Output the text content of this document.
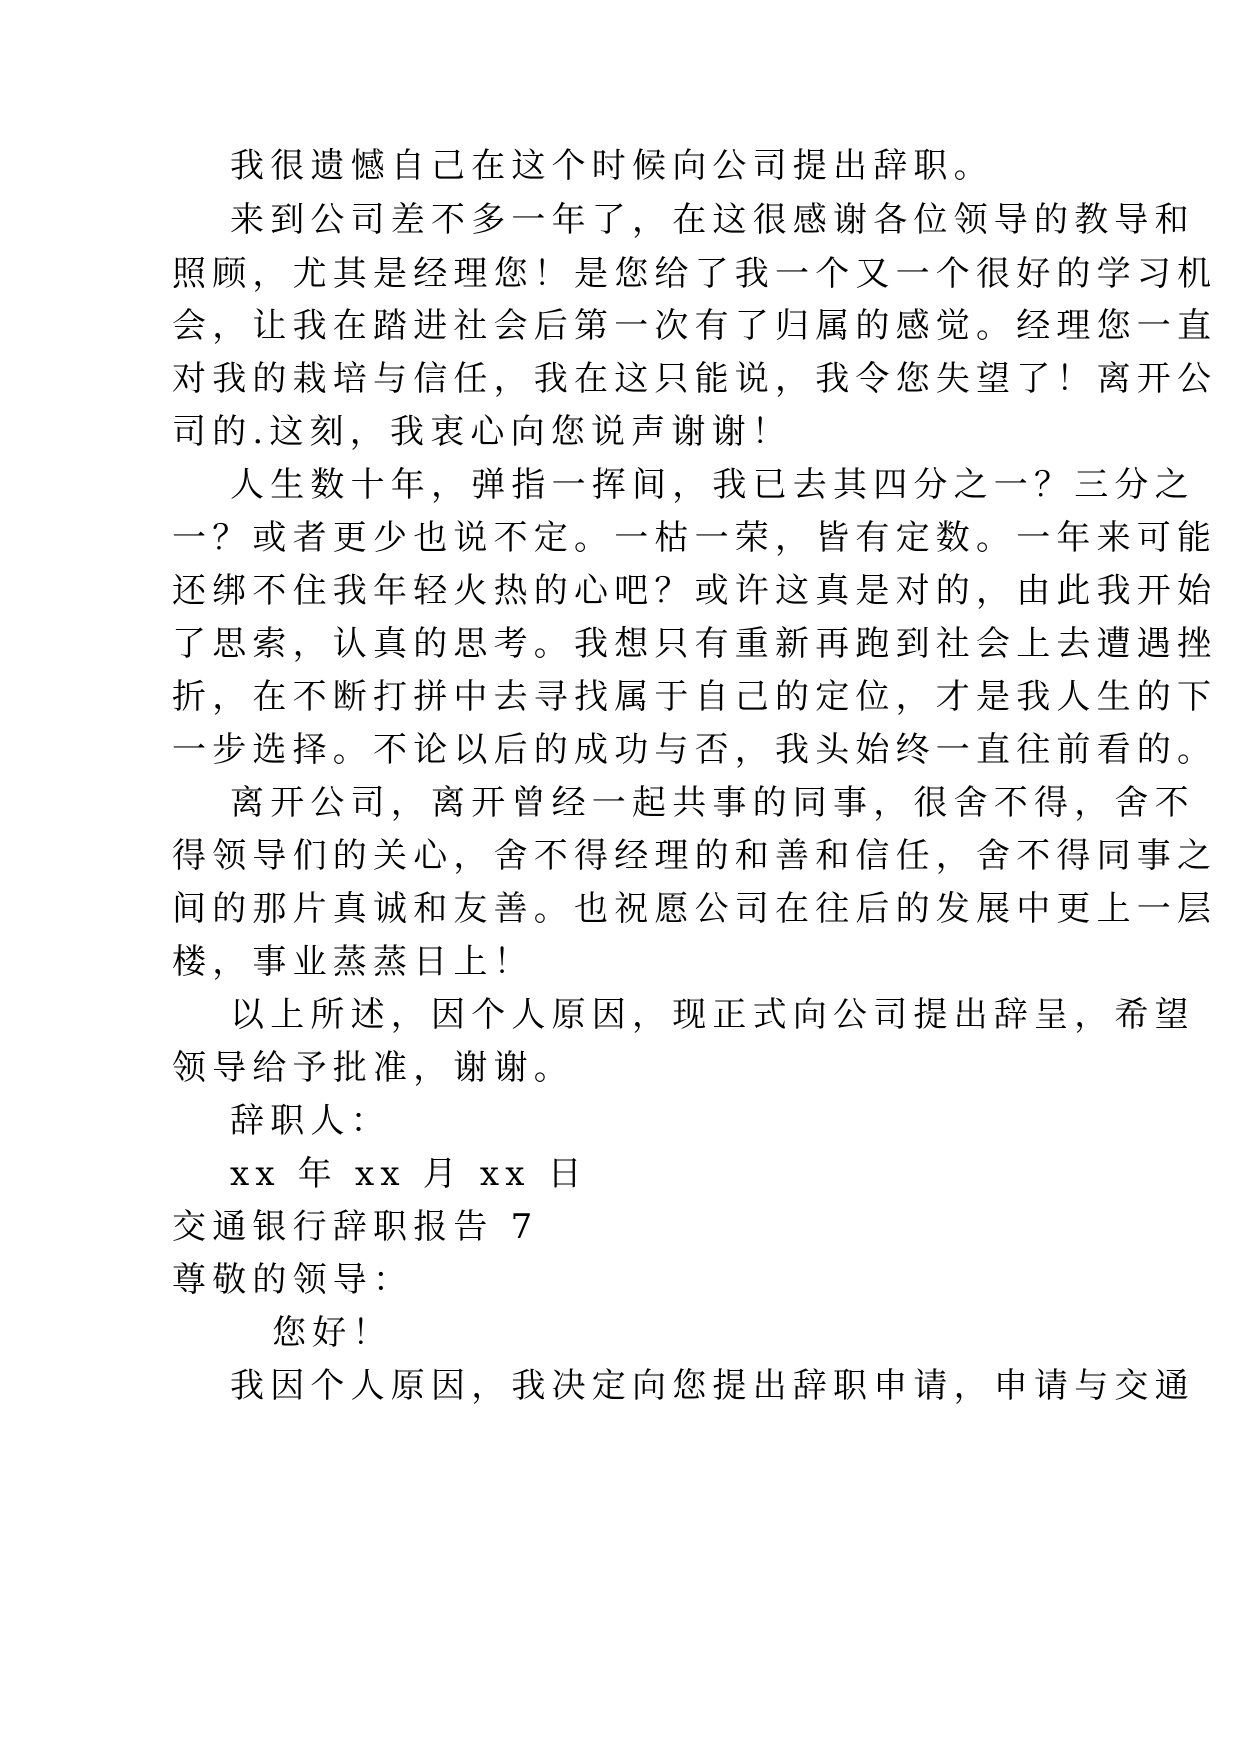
我很遗憾自己在这个时候向公司提出辞职。
来到公司差不多一年了，在这很感谢各位领导的教导和
照顾，尤其是经理您！是您给了我一个又一个很好的学习机
会，让我在踏进社会后第一次有了归属的感觉。经理您一直
对我的栽培与信任，我在这只能说，我令您失望了！离开公
司的.这刻，我衷心向您说声谢谢！
人生数十年，弹指一挥间，我已去其四分之一？三分之
一？或者更少也说不定。一枯一荣，皆有定数。一年来可能
还绑不住我年轻火热的心吧？或许这真是对的，由此我开始
了思索，认真的思考。我想只有重新再跑到社会上去遭遇挫
折，在不断打拼中去寻找属于自己的定位，才是我人生的下
一步选择。不论以后的成功与否，我头始终一直往前看的。
离开公司，离开曾经一起共事的同事，很舍不得，舍不
得领导们的关心，舍不得经理的和善和信任，舍不得同事之
间的那片真诚和友善。也祝愿公司在往后的发展中更上一层
楼，事业蒸蒸日上！
以上所述，因个人原因，现正式向公司提出辞呈，希望
领导给予批准，谢谢。
辞职人：
xx 年 xx 月 xx 日
交通银行辞职报告 7
尊敬的领导：
您好！
我因个人原因，我决定向您提出辞职申请，申请与交通
